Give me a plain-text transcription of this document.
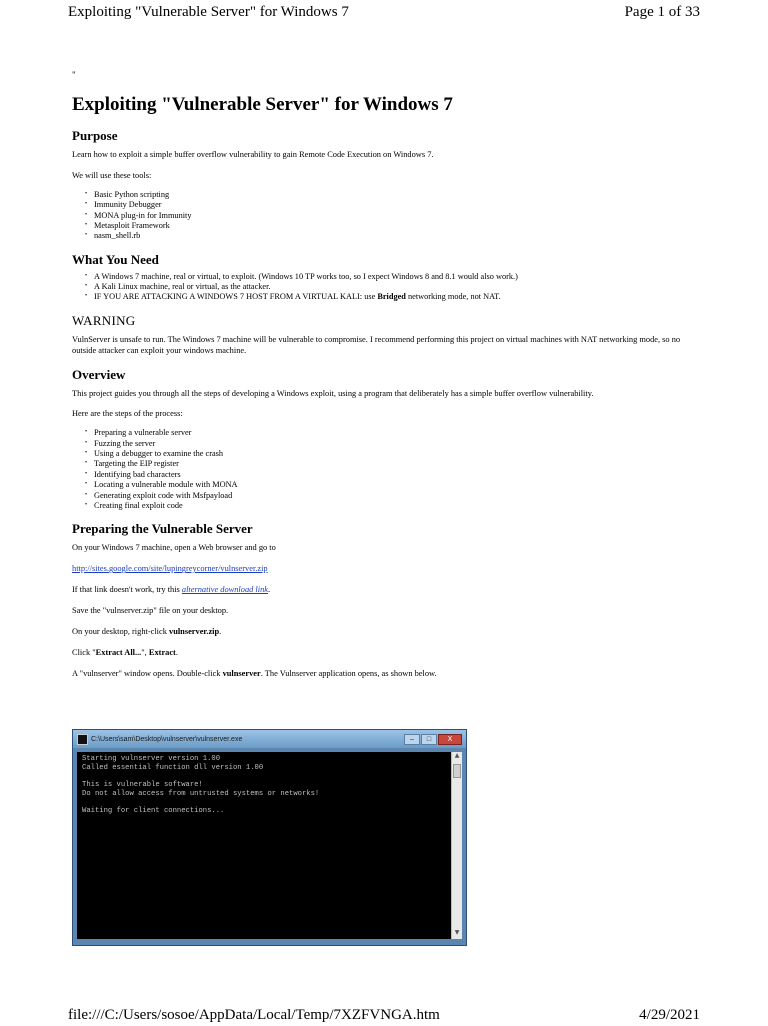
Exploiting "Vulnerable Server" for Windows 7	Page 1 of 33
"
Exploiting "Vulnerable Server" for Windows 7
Purpose

Learn how to exploit a simple buffer overflow vulnerability to gain Remote Code Execution on Windows 7.

We will use these tools:

• Basic Python scripting
• Immunity Debugger
• MONA plug-in for Immunity
• Metasploit Framework
• nasm_shell.rb
What You Need
• A Windows 7 machine, real or virtual, to exploit. (Windows 10 TP works too, so I expect Windows 8 and 8.1 would also work.)
• A Kali Linux machine, real or virtual, as the attacker.
• IF YOU ARE ATTACKING A WINDOWS 7 HOST FROM A VIRTUAL KALI: use Bridged networking mode, not NAT.
WARNING

VulnServer is unsafe to run. The Windows 7 machine will be vulnerable to compromise. I recommend performing this project on virtual machines with NAT networking mode, so no outside attacker can exploit your windows machine.

Overview

This project guides you through all the steps of developing a Windows exploit, using a program that deliberately has a simple buffer overflow vulnerability.

Here are the steps of the process:

• Preparing a vulnerable server
• Fuzzing the server
• Using a debugger to examine the crash
• Targeting the EIP register
• Identifying bad characters
• Locating a vulnerable module with MONA
• Generating exploit code with Msfpayload
• Creating final exploit code
Preparing the Vulnerable Server

On your Windows 7 machine, open a Web browser and go to

http://sites.google.com/site/lupingreycorner/vulnserver.zip

If that link doesn't work, try this alternative download link.

Save the "vulnserver.zip" file on your desktop.

On your desktop, right-click vulnserver.zip.

Click "Extract All...", Extract.

A "vulnserver" window opens. Double-click vulnserver. The Vulnserver application opens, as shown below.

C:\Users\sam\Desktop\vulnserver\vulnserver.exe	–	□	X
Starting vulnserver version 1.00
Called essential function dll version 1.00

This is vulnerable software!
Do not allow access from untrusted systems or networks!

Waiting for client connections...
▲
▼
file:///C:/Users/sosoe/AppData/Local/Temp/7XZFVNGA.htm	4/29/2021
